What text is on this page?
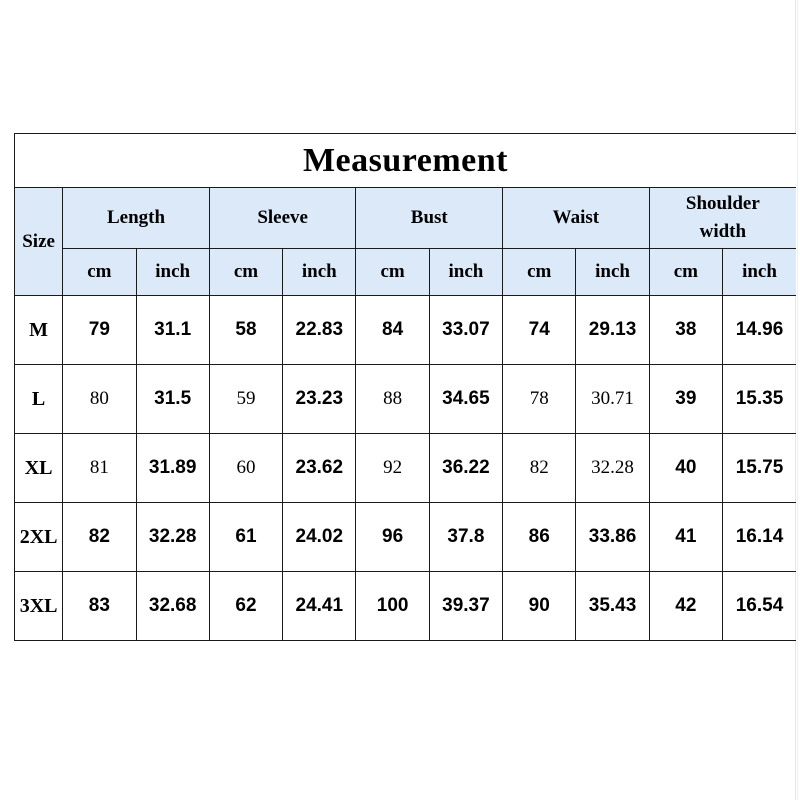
Measurement										
Size	Length		Sleeve		Bust		Waist		Shoulder
width	
	cm	inch	cm	inch	cm	inch	cm	inch	cm	inch
M	79	31.1	58	22.83	84	33.07	74	29.13	38	14.96
L	80	31.5	59	23.23	88	34.65	78	30.71	39	15.35
XL	81	31.89	60	23.62	92	36.22	82	32.28	40	15.75
2XL	82	32.28	61	24.02	96	37.8	86	33.86	41	16.14
3XL	83	32.68	62	24.41	100	39.37	90	35.43	42	16.54
